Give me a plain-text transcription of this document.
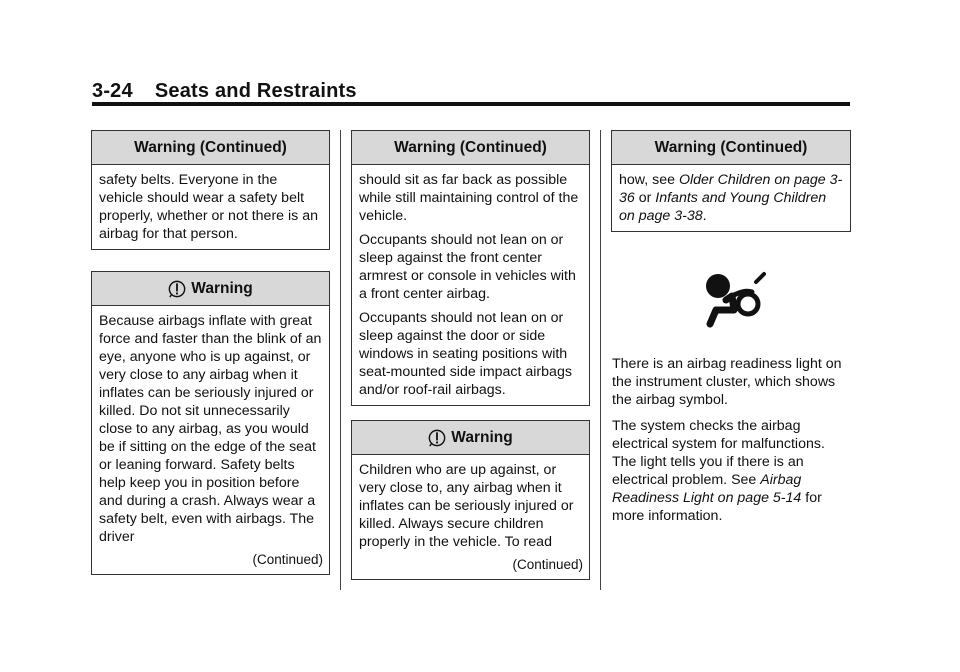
3-24 Seats and Restraints
Warning (Continued)

safety belts. Everyone in the vehicle should wear a safety belt properly, whether or not there is an airbag for that person.

Warning

Because airbags inflate with great force and faster than the blink of an eye, anyone who is up against, or very close to any airbag when it inflates can be seriously injured or killed. Do not sit unnecessarily close to any airbag, as you would be if sitting on the edge of the seat or leaning forward. Safety belts help keep you in position before and during a crash. Always wear a safety belt, even with airbags. The driver

(Continued)
Warning (Continued)

should sit as far back as possible while still maintaining control of the vehicle.

Occupants should not lean on or sleep against the front center armrest or console in vehicles with a front center airbag.

Occupants should not lean on or sleep against the door or side windows in seating positions with seat-mounted side impact airbags and/or roof-rail airbags.

Warning

Children who are up against, or very close to, any airbag when it inflates can be seriously injured or killed. Always secure children properly in the vehicle. To read

(Continued)
Warning (Continued)

how, see Older Children on page 3-36 or Infants and Young Children on page 3-38.

There is an airbag readiness light on the instrument cluster, which shows the airbag symbol.

The system checks the airbag electrical system for malfunctions. The light tells you if there is an electrical problem. See Airbag Readiness Light on page 5-14 for more information.
